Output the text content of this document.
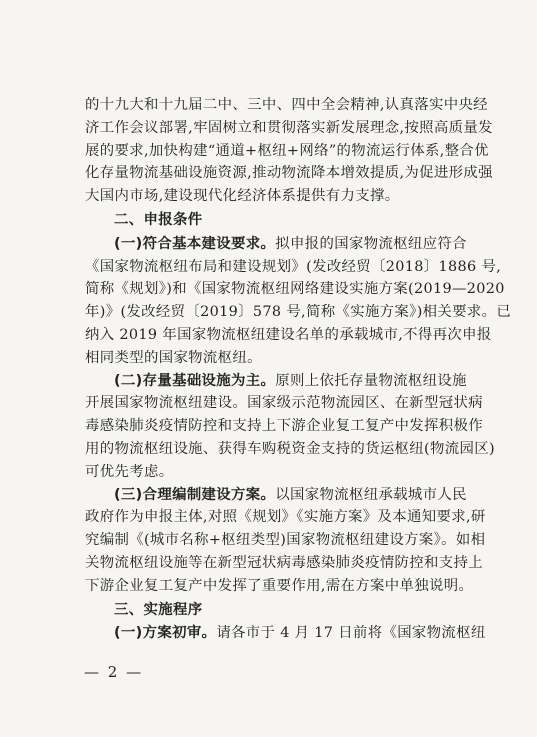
的十九大和十九届二中、三中、四中全会精神,认真落实中央经
济工作会议部署,牢固树立和贯彻落实新发展理念,按照高质量发
展的要求,加快构建“通道+枢纽+网络”的物流运行体系,整合优
化存量物流基础设施资源,推动物流降本增效提质,为促进形成强
大国内市场,建设现代化经济体系提供有力支撑。
二、申报条件
(一)符合基本建设要求。拟申报的国家物流枢纽应符合
《国家物流枢纽布局和建设规划》(发改经贸〔2018〕1886 号,
简称《规划》)和《国家物流枢纽网络建设实施方案(2019—2020
年)》(发改经贸〔2019〕578 号,简称《实施方案》)相关要求。已
纳入 2019 年国家物流枢纽建设名单的承载城市,不得再次申报
相同类型的国家物流枢纽。
(二)存量基础设施为主。原则上依托存量物流枢纽设施
开展国家物流枢纽建设。国家级示范物流园区、在新型冠状病
毒感染肺炎疫情防控和支持上下游企业复工复产中发挥积极作
用的物流枢纽设施、获得车购税资金支持的货运枢纽(物流园区)
可优先考虑。
(三)合理编制建设方案。以国家物流枢纽承载城市人民
政府作为申报主体,对照《规划》《实施方案》及本通知要求,研
究编制《(城市名称+枢纽类型)国家物流枢纽建设方案》。如相
关物流枢纽设施等在新型冠状病毒感染肺炎疫情防控和支持上
下游企业复工复产中发挥了重要作用,需在方案中单独说明。
三、实施程序
(一)方案初审。请各市于 4 月 17 日前将《国家物流枢纽
— 2 —
